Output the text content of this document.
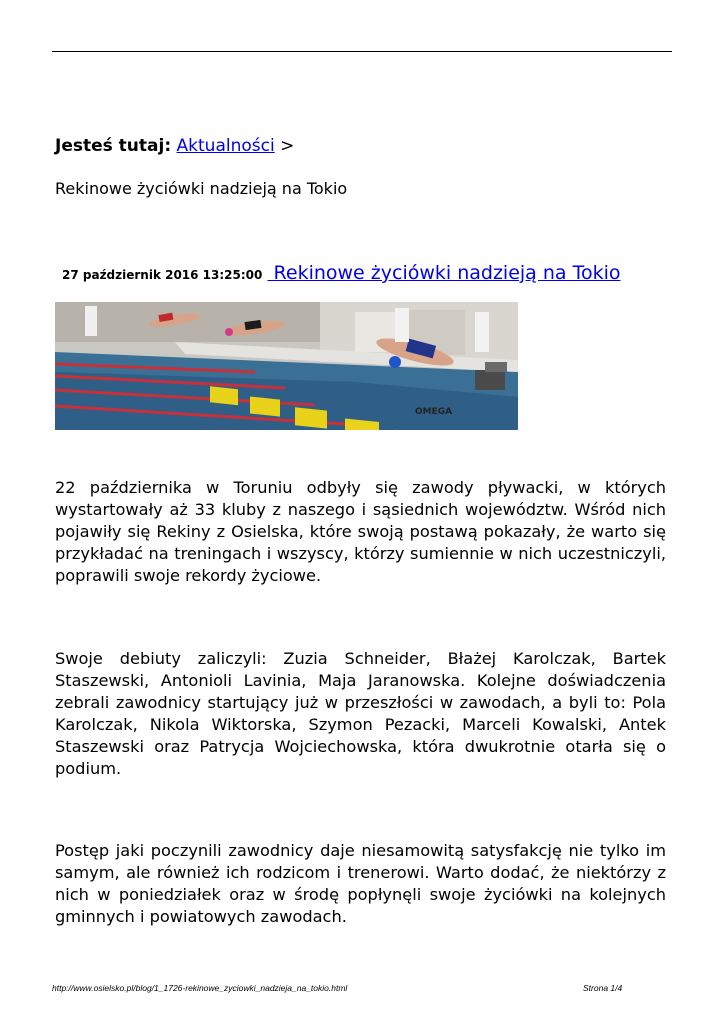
Jesteś tutaj: Aktualności >
Rekinowe życiówki nadzieją na Tokio
27 październik 2016 13:25:00 Rekinowe życiówki nadzieją na Tokio
OMEGA

22 października w Toruniu odbyły się zawody pływacki, w których wystartowały aż 33 kluby z naszego i sąsiednich województw. Wśród nich pojawiły się Rekiny z Osielska, które swoją postawą pokazały, że warto się przykładać na treningach i wszyscy, którzy sumiennie w nich uczestniczyli, poprawili swoje rekordy życiowe.

Swoje debiuty zaliczyli: Zuzia Schneider, Błażej Karolczak, Bartek Staszewski, Antonioli Lavinia, Maja Jaranowska. Kolejne doświadczenia zebrali zawodnicy startujący już w przeszłości w zawodach, a byli to: Pola Karolczak, Nikola Wiktorska, Szymon Pezacki, Marceli Kowalski, Antek Staszewski oraz Patrycja Wojciechowska, która dwukrotnie otarła się o podium.

Postęp jaki poczynili zawodnicy daje niesamowitą satysfakcję nie tylko im samym, ale również ich rodzicom i trenerowi. Warto dodać, że niektórzy z nich w poniedziałek oraz w środę popłynęli swoje życiówki na kolejnych gminnych i powiatowych zawodach.

http://www.osielsko.pl/blog/1_1726-rekinowe_zyciowki_nadzieja_na_tokio.html	Strona 1/4
